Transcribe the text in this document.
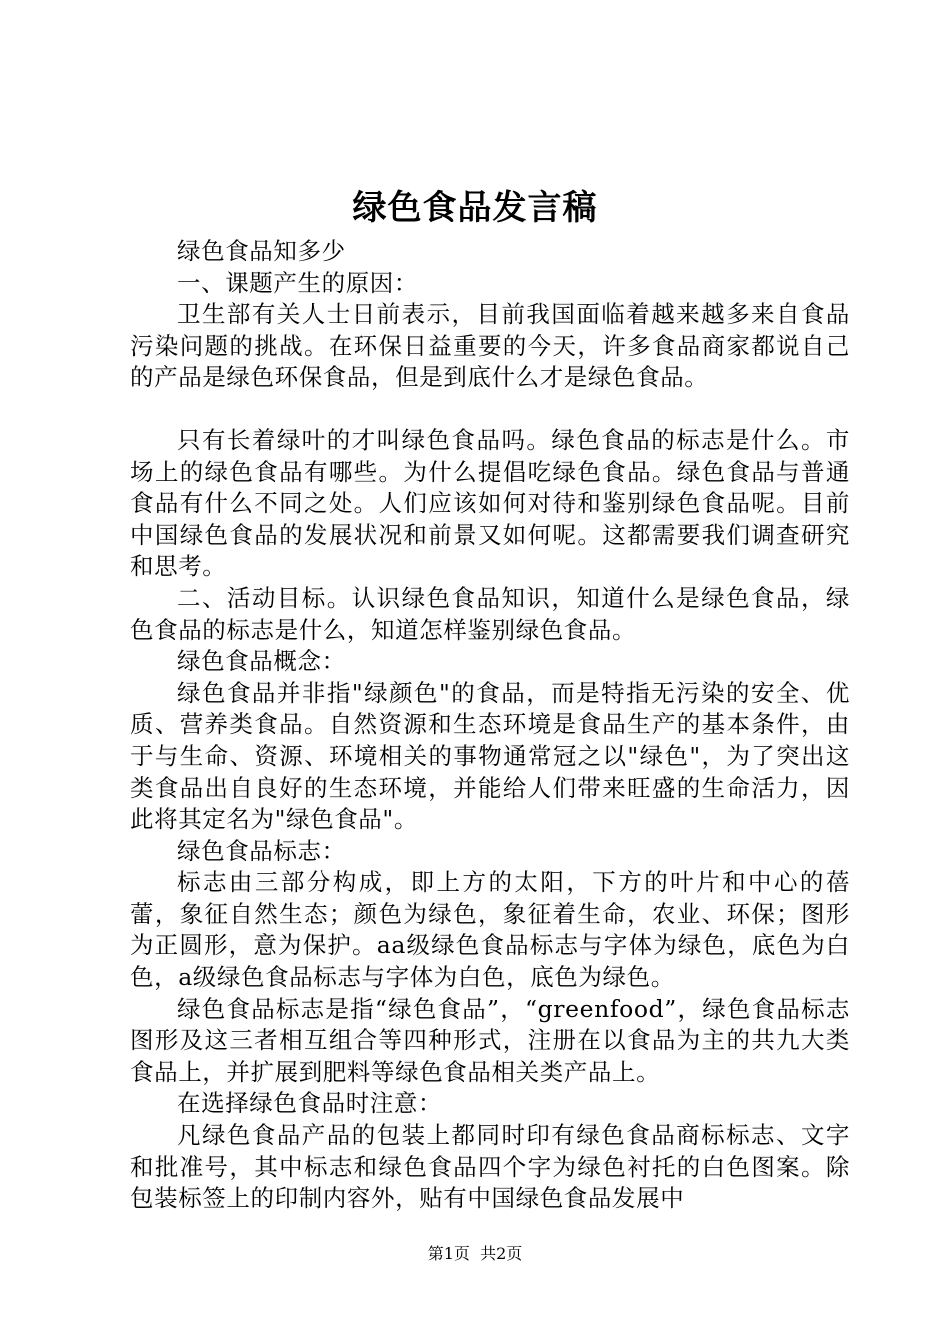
绿色食品发言稿

绿色食品知多少

一、课题产生的原因：

卫生部有关人士日前表示，目前我国面临着越来越多来自食品污染问题的挑战。在环保日益重要的今天，许多食品商家都说自己的产品是绿色环保食品，但是到底什么才是绿色食品。

只有长着绿叶的才叫绿色食品吗。绿色食品的标志是什么。市场上的绿色食品有哪些。为什么提倡吃绿色食品。绿色食品与普通食品有什么不同之处。人们应该如何对待和鉴别绿色食品呢。目前中国绿色食品的发展状况和前景又如何呢。这都需要我们调查研究和思考。

二、活动目标。认识绿色食品知识，知道什么是绿色食品，绿色食品的标志是什么，知道怎样鉴别绿色食品。

绿色食品概念：

绿色食品并非指"绿颜色"的食品，而是特指无污染的安全、优质、营养类食品。自然资源和生态环境是食品生产的基本条件，由于与生命、资源、环境相关的事物通常冠之以"绿色"，为了突出这类食品出自良好的生态环境，并能给人们带来旺盛的生命活力，因此将其定名为"绿色食品"。

绿色食品标志：

标志由三部分构成，即上方的太阳，下方的叶片和中心的蓓蕾，象征自然生态；颜色为绿色，象征着生命，农业、环保；图形为正圆形，意为保护。aa级绿色食品标志与字体为绿色，底色为白色，a级绿色食品标志与字体为白色，底色为绿色。

绿色食品标志是指“绿色食品”，“greenfood”，绿色食品标志图形及这三者相互组合等四种形式，注册在以食品为主的共九大类食品上，并扩展到肥料等绿色食品相关类产品上。

在选择绿色食品时注意：

凡绿色食品产品的包装上都同时印有绿色食品商标标志、文字和批准号，其中标志和绿色食品四个字为绿色衬托的白色图案。除包装标签上的印制内容外，贴有中国绿色食品发展中

第1页  共2页
